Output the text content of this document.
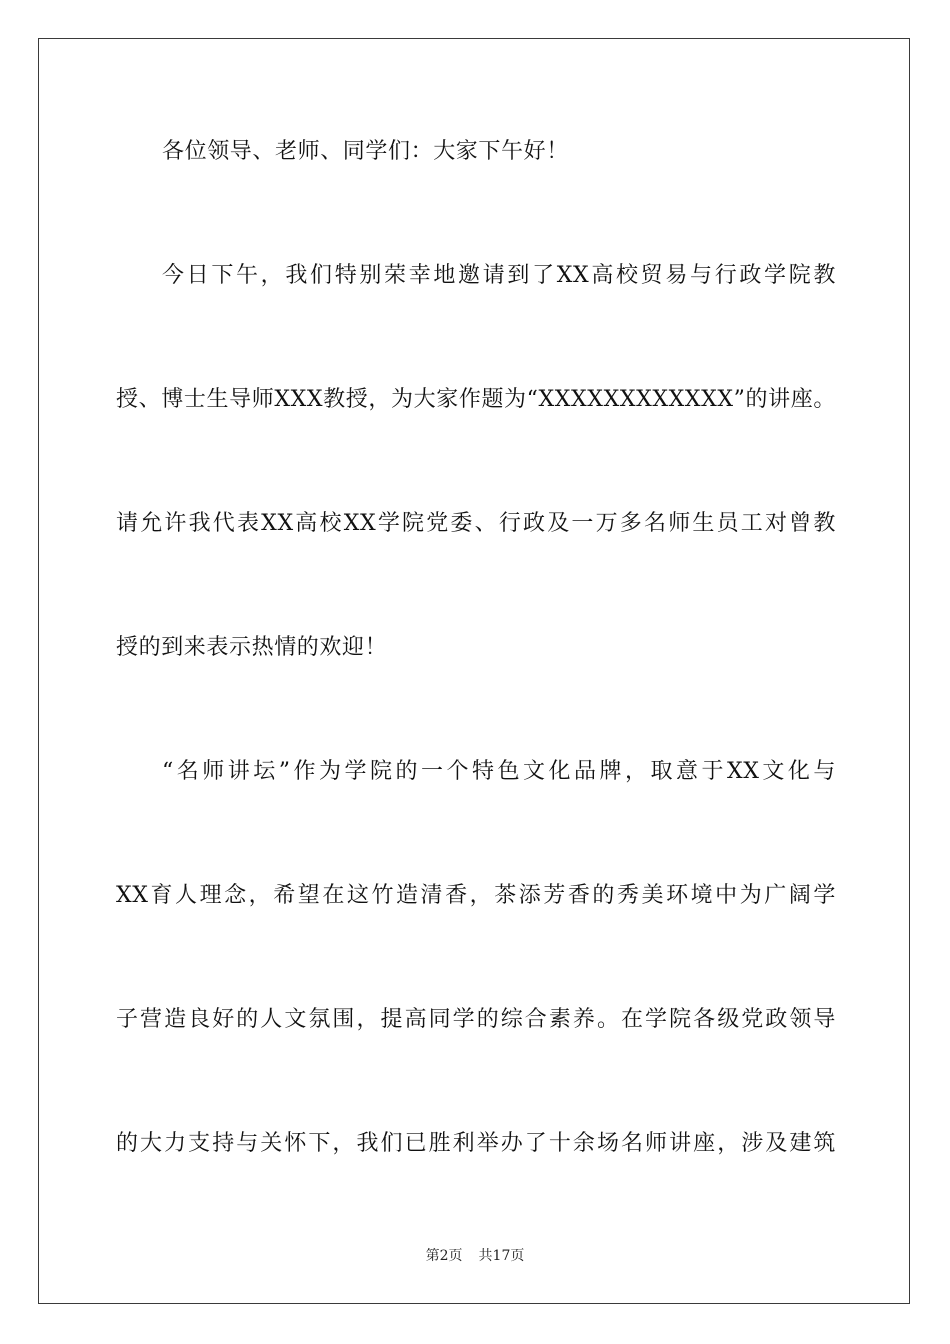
各位领导、老师、同学们：大家下午好！
今日下午，我们特别荣幸地邀请到了XX高校贸易与行政学院教
授、博士生导师XXX教授，为大家作题为“XXXXXXXXXXXX”的讲座。
请允许我代表XX高校XX学院党委、行政及一万多名师生员工对曾教
授的到来表示热情的欢迎！
“名师讲坛”作为学院的一个特色文化品牌，取意于XX文化与
XX育人理念，希望在这竹造清香，茶添芳香的秀美环境中为广阔学
子营造良好的人文氛围，提高同学的综合素养。在学院各级党政领导
的大力支持与关怀下，我们已胜利举办了十余场名师讲座，涉及建筑
第2页 共17页
